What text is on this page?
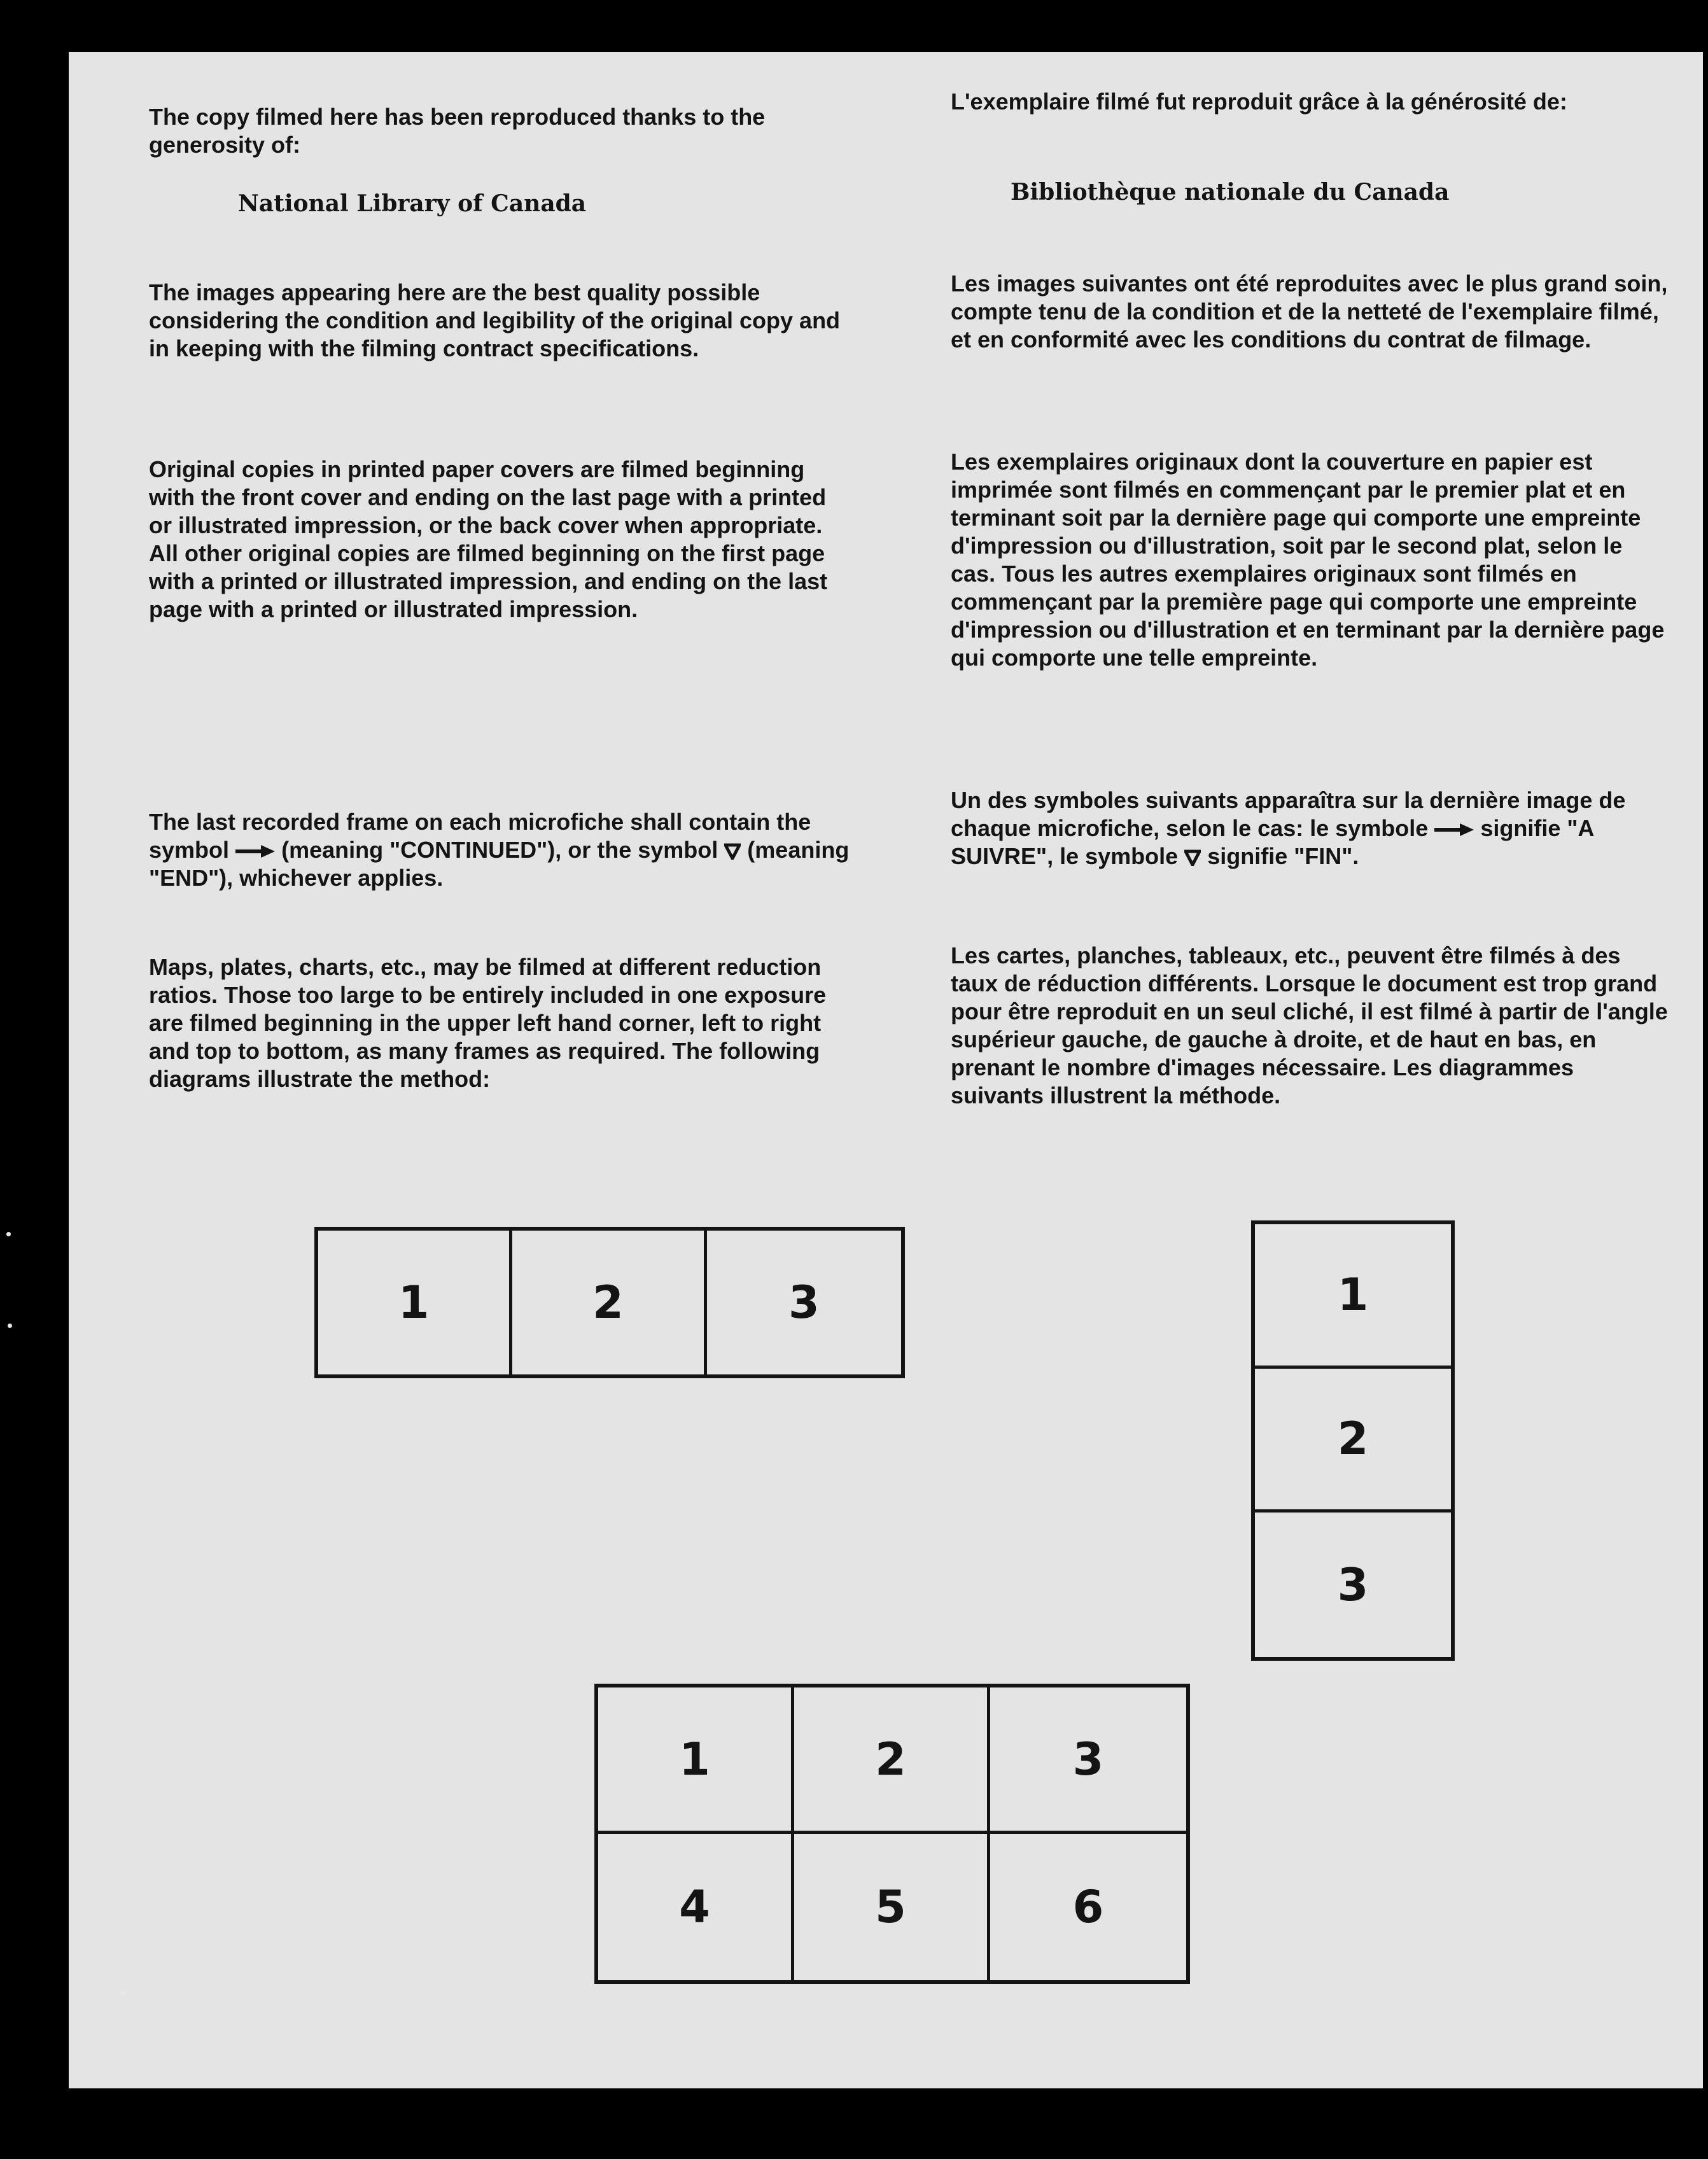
The copy filmed here has been reproduced thanks to the generosity of:

National Library of Canada

The images appearing here are the best quality possible considering the condition and legibility of the original copy and in keeping with the filming contract specifications.

Original copies in printed paper covers are filmed beginning with the front cover and ending on the last page with a printed or illustrated impression, or the back cover when appropriate. All other original copies are filmed beginning on the first page with a printed or illustrated impression, and ending on the last page with a printed or illustrated impression.

The last recorded frame on each microfiche shall contain the symbol (meaning "CONTINUED"), or the symbol (meaning "END"), whichever applies.

Maps, plates, charts, etc., may be filmed at different reduction ratios. Those too large to be entirely included in one exposure are filmed beginning in the upper left hand corner, left to right and top to bottom, as many frames as required. The following diagrams illustrate the method:

L'exemplaire filmé fut reproduit grâce à la générosité de:

Bibliothèque nationale du Canada

Les images suivantes ont été reproduites avec le plus grand soin, compte tenu de la condition et de la netteté de l'exemplaire filmé, et en conformité avec les conditions du contrat de filmage.

Les exemplaires originaux dont la couverture en papier est imprimée sont filmés en commençant par le premier plat et en terminant soit par la dernière page qui comporte une empreinte d'impression ou d'illustration, soit par le second plat, selon le cas. Tous les autres exemplaires originaux sont filmés en commençant par la première page qui comporte une empreinte d'impression ou d'illustration et en terminant par la dernière page qui comporte une telle empreinte.

Un des symboles suivants apparaîtra sur la dernière image de chaque microfiche, selon le cas: le symbole signifie "A SUIVRE", le symbole signifie "FIN".

Les cartes, planches, tableaux, etc., peuvent être filmés à des taux de réduction différents. Lorsque le document est trop grand pour être reproduit en un seul cliché, il est filmé à partir de l'angle supérieur gauche, de gauche à droite, et de haut en bas, en prenant le nombre d'images nécessaire. Les diagrammes suivants illustrent la méthode.

1	2	3	1
2
3
1	2	3
4	5	6
